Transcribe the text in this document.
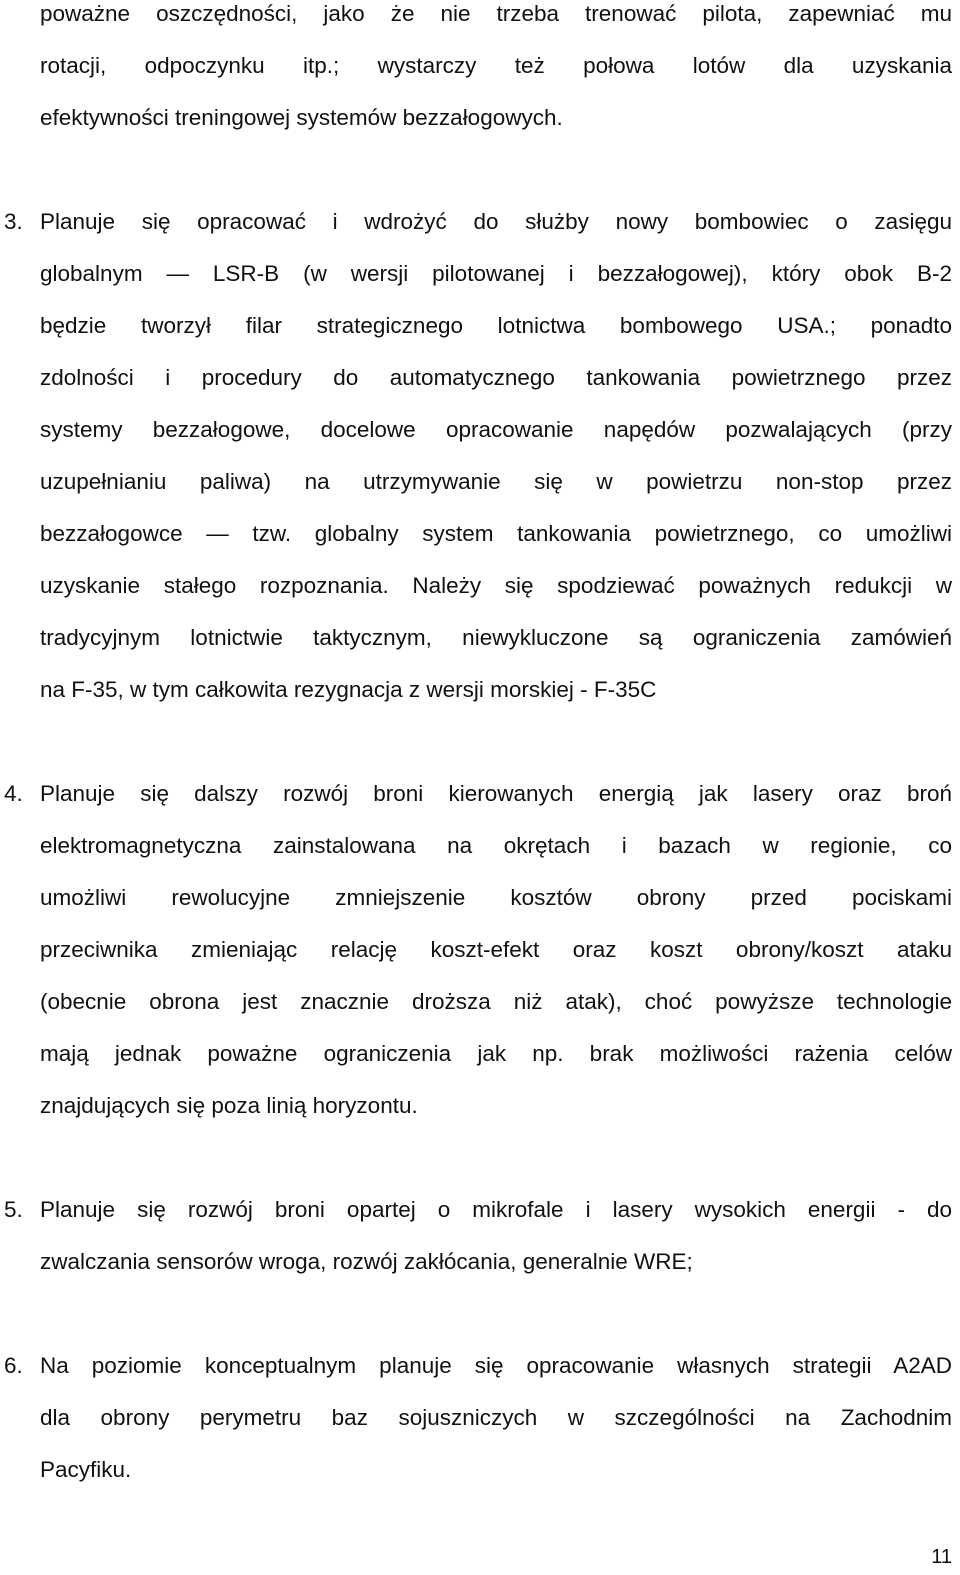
poważne oszczędności, jako że nie trzeba trenować pilota, zapewniać mu
rotacji, odpoczynku itp.; wystarczy też połowa lotów dla uzyskania
efektywności treningowej systemów bezzałogowych.
3. Planuje się opracować i wdrożyć do służby nowy bombowiec o zasięgu
globalnym — LSR-B (w wersji pilotowanej i bezzałogowej), który obok B-2
będzie tworzył filar strategicznego lotnictwa bombowego USA.; ponadto
zdolności i procedury do automatycznego tankowania powietrznego przez
systemy bezzałogowe, docelowe opracowanie napędów pozwalających (przy
uzupełnianiu paliwa) na utrzymywanie się w powietrzu non-stop przez
bezzałogowce — tzw. globalny system tankowania powietrznego, co umożliwi
uzyskanie stałego rozpoznania. Należy się spodziewać poważnych redukcji w
tradycyjnym lotnictwie taktycznym, niewykluczone są ograniczenia zamówień
na F-35, w tym całkowita rezygnacja z wersji morskiej - F-35C
4. Planuje się dalszy rozwój broni kierowanych energią jak lasery oraz broń
elektromagnetyczna zainstalowana na okrętach i bazach w regionie, co
umożliwi rewolucyjne zmniejszenie kosztów obrony przed pociskami
przeciwnika zmieniając relację koszt-efekt oraz koszt obrony/koszt ataku
(obecnie obrona jest znacznie droższa niż atak), choć powyższe technologie
mają jednak poważne ograniczenia jak np. brak możliwości rażenia celów
znajdujących się poza linią horyzontu.
5. Planuje się rozwój broni opartej o mikrofale i lasery wysokich energii - do
zwalczania sensorów wroga, rozwój zakłócania, generalnie WRE;
6. Na poziomie konceptualnym planuje się opracowanie własnych strategii A2AD
dla obrony perymetru baz sojuszniczych w szczególności na Zachodnim
Pacyfiku.
11
